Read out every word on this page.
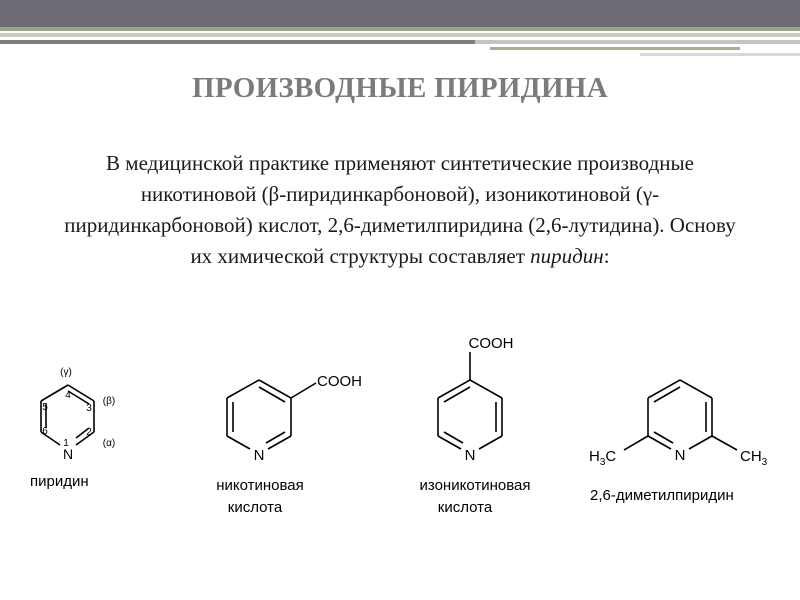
ПРОИЗВОДНЫЕ ПИРИДИНА
В медицинской практике применяют синтетические производные никотиновой (β-пиридинкарбоновой), изоникотиновой (γ-пиридинкарбоновой) кислот, 2,6-диметилпиридина (2,6-лутидина). Основу их химической структуры составляет пиридин:
N
1
2
3
4
5
6
(α)
(β)
(γ)
N
COOH
N
COOH
N
$H_3C$	$CH_3$
пиридин	никотиновая
кислота
изоникотиновая
кислота
2,6-диметилпиридин
